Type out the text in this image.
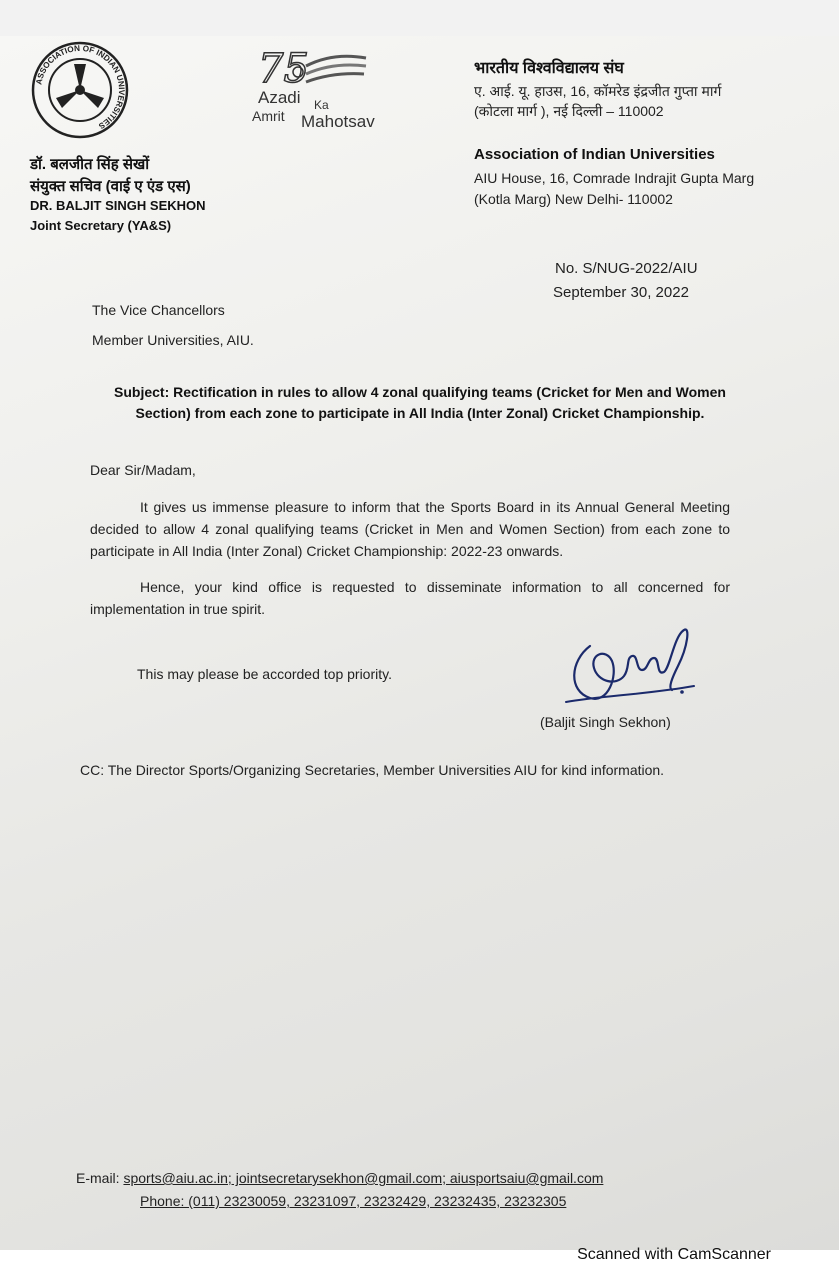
ASSOCIATION OF INDIAN UNIVERSITIES
75
Azadi Ka
Amrit Mahotsav
भारतीय विश्वविद्यालय संघ
ए. आई. यू. हाउस, 16, कॉमरेड इंद्रजीत गुप्ता मार्ग
(कोटला मार्ग ), नई दिल्ली – 110002
Association of Indian Universities
AIU House, 16, Comrade Indrajit Gupta Marg
(Kotla Marg) New Delhi- 110002
डॉ. बलजीत सिंह सेखों
संयुक्त सचिव (वाई ए एंड एस)
DR. BALJIT SINGH SEKHON
Joint Secretary (YA&S)
No. S/NUG-2022/AIU
September 30, 2022
The Vice Chancellors
Member Universities, AIU.
Subject: Rectification in rules to allow 4 zonal qualifying teams (Cricket for Men and Women Section) from each zone to participate in All India (Inter Zonal) Cricket Championship.
Dear Sir/Madam,
It gives us immense pleasure to inform that the Sports Board in its Annual General Meeting decided to allow 4 zonal qualifying teams (Cricket in Men and Women Section) from each zone to participate in All India (Inter Zonal) Cricket Championship: 2022-23 onwards.
Hence, your kind office is requested to disseminate information to all concerned for implementation in true spirit.
This may please be accorded top priority.
(Baljit Singh Sekhon)
CC: The Director Sports/Organizing Secretaries, Member Universities AIU for kind information.
E-mail: sports@aiu.ac.in; jointsecretarysekhon@gmail.com; aiusportsaiu@gmail.com
Phone: (011) 23230059, 23231097, 23232429, 23232435, 23232305
Scanned with CamScanner
